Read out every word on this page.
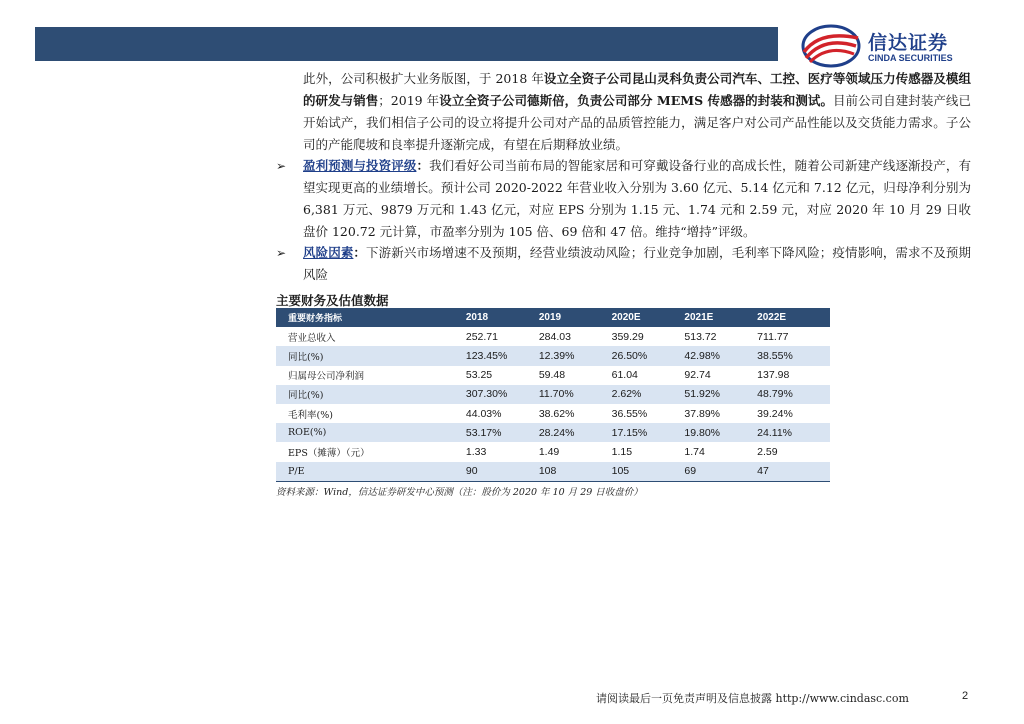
信达证券
CINDA SECURITIES
此外，公司积极扩大业务版图，于 2018 年设立全资子公司昆山灵科负责公司汽车、工控、医疗等领域压力传感器及模组的研发与销售；2019 年设立全资子公司德斯倍，负责公司部分 MEMS 传感器的封装和测试。目前公司自建封装产线已开始试产，我们相信子公司的设立将提升公司对产品的品质管控能力，满足客户对公司产品性能以及交货能力需求。子公司的产能爬坡和良率提升逐渐完成，有望在后期释放业绩。
➢ 盈利预测与投资评级：我们看好公司当前布局的智能家居和可穿戴设备行业的高成长性，随着公司新建产线逐渐投产，有望实现更高的业绩增长。预计公司 2020-2022 年营业收入分别为 3.60 亿元、5.14 亿元和 7.12 亿元，归母净利分别为 6,381 万元、9879 万元和 1.43 亿元，对应 EPS 分别为 1.15 元、1.74 元和 2.59 元，对应 2020 年 10 月 29 日收盘价 120.72 元计算，市盈率分别为 105 倍、69 倍和 47 倍。维持“增持”评级。
➢ 风险因素：下游新兴市场增速不及预期，经营业绩波动风险；行业竞争加剧，毛利率下降风险；疫情影响，需求不及预期风险
主要财务及估值数据
重要财务指标	2018	2019	2020E	2021E	2022E
营业总收入	252.71	284.03	359.29	513.72	711.77
同比(%)	123.45%	12.39%	26.50%	42.98%	38.55%
归属母公司净利润	53.25	59.48	61.04	92.74	137.98
同比(%)	307.30%	11.70%	2.62%	51.92%	48.79%
毛利率(%)	44.03%	38.62%	36.55%	37.89%	39.24%
ROE(%)	53.17%	28.24%	17.15%	19.80%	24.11%
EPS（摊薄）（元）	1.33	1.49	1.15	1.74	2.59
P/E	90	108	105	69	47
资料来源：Wind，信达证券研发中心预测（注：股价为 2020 年 10 月 29 日收盘价）
请阅读最后一页免责声明及信息披露 http://www.cindasc.com	2
